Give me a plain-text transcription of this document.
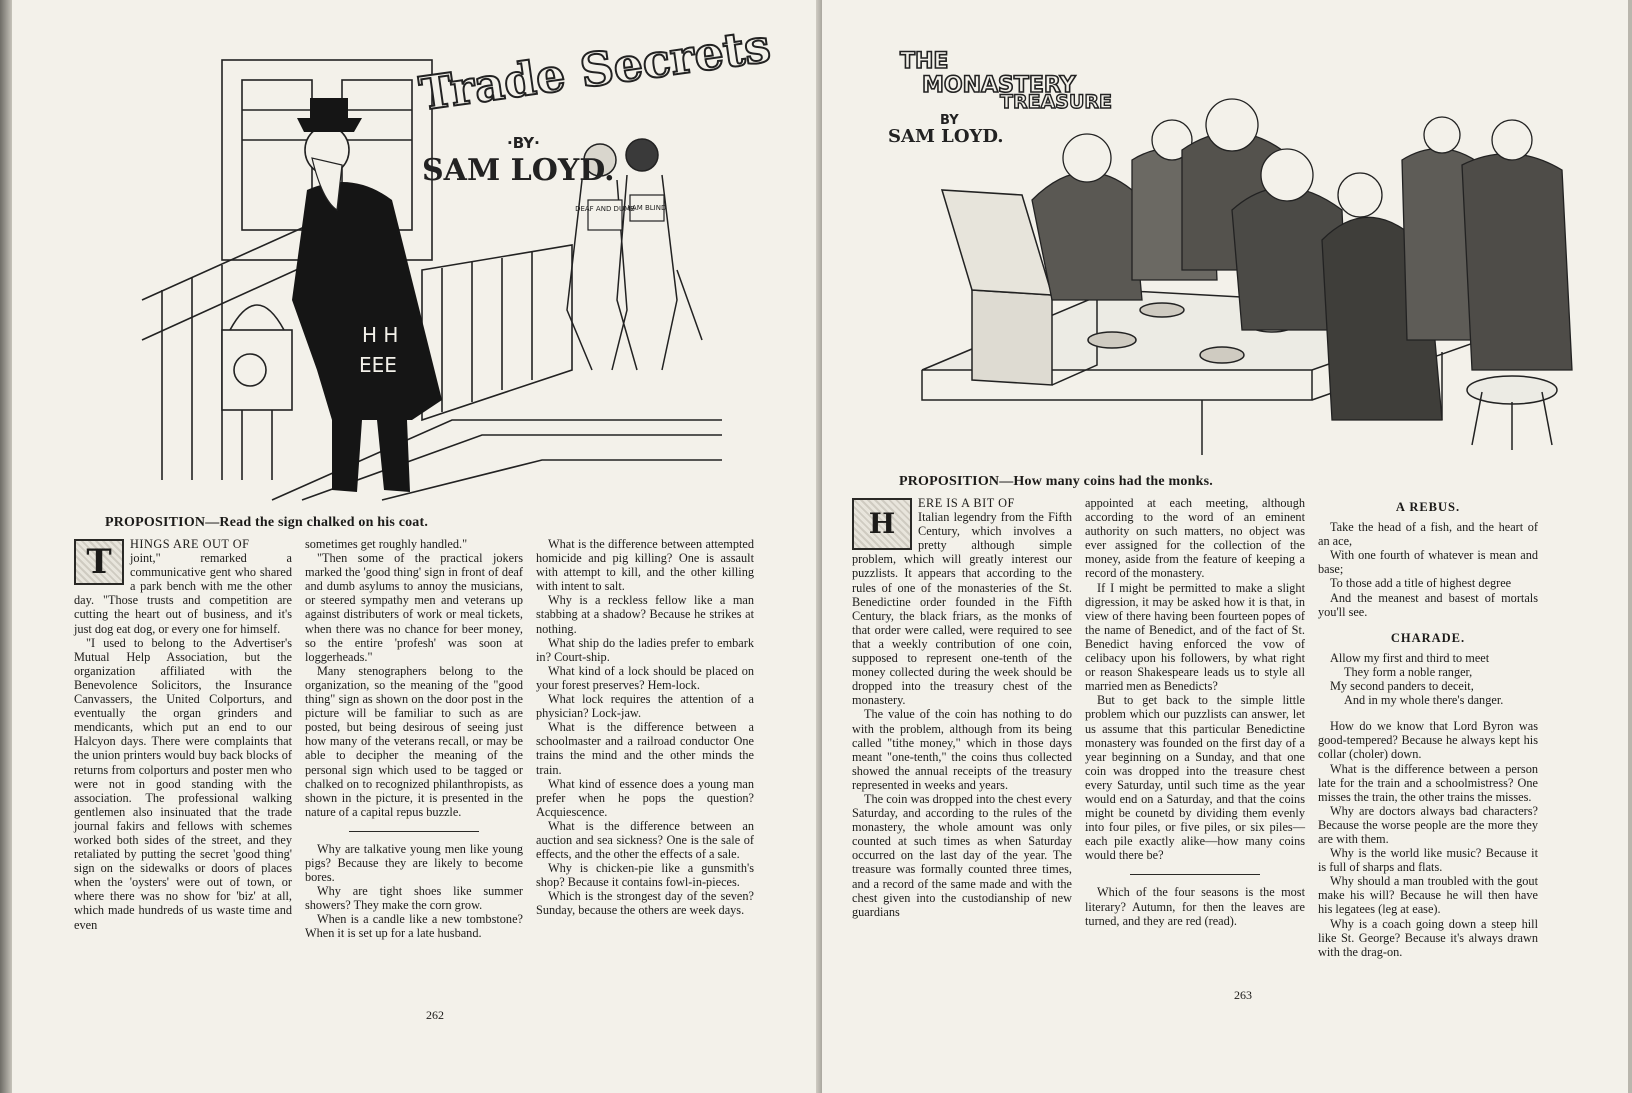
H H
EEE
DEAF AND DUMB
I AM BLIND
Trade Secrets
·BY·
SAM LOYD.
PROPOSITION—Read the sign chalked on his coat.
T	HINGS ARE OUT OF

joint," remarked a communicative gent who shared a park bench with me the other day. "Those trusts and competition are cutting the heart out of business, and it's just dog eat dog, or every one for himself.

"I used to belong to the Advertiser's Mutual Help Association, but the organization affiliated with the Benevolence Solicitors, the Insurance Canvassers, the United Colporturs, and eventually the organ grinders and mendicants, which put an end to our Halcyon days. There were complaints that the union printers would buy back blocks of returns from colporturs and poster men who were not in good standing with the association. The professional walking gentlemen also insinuated that the trade journal fakirs and fellows with schemes worked both sides of the street, and they retaliated by putting the secret 'good thing' sign on the sidewalks or doors of places when the 'oysters' were out of town, or where there was no show for 'biz' at all, which made hundreds of us waste time and even

sometimes get roughly handled."

"Then some of the practical jokers marked the 'good thing' sign in front of deaf and dumb asylums to annoy the musicians, or steered sympathy men and veterans up against distributers of work or meal tickets, when there was no chance for beer money, so the entire 'profesh' was soon at loggerheads."

Many stenographers belong to the organization, so the meaning of the "good thing" sign as shown on the door post in the picture will be familiar to such as are posted, but being desirous of seeing just how many of the veterans recall, or may be able to decipher the meaning of the personal sign which used to be tagged or chalked on to recognized philanthropists, as shown in the picture, it is presented in the nature of a capital repus buzzle.

Why are talkative young men like young pigs? Because they are likely to become bores.

Why are tight shoes like summer showers? They make the corn grow.

When is a candle like a new tombstone? When it is set up for a late husband.

What is the difference between attempted homicide and pig killing? One is assault with attempt to kill, and the other killing with intent to salt.

Why is a reckless fellow like a man stabbing at a shadow? Because he strikes at nothing.

What ship do the ladies prefer to embark in? Court-ship.

What kind of a lock should be placed on your forest preserves? Hem-lock.

What lock requires the attention of a physician? Lock-jaw.

What is the difference between a schoolmaster and a railroad conductor One trains the mind and the other minds the train.

What kind of essence does a young man prefer when he pops the question? Acquiescence.

What is the difference between an auction and sea sickness? One is the sale of effects, and the other the effects of a sale.

Why is chicken-pie like a gunsmith's shop? Because it contains fowl-in-pieces.

Which is the strongest day of the seven? Sunday, because the others are week days.

262
THE
MONASTERY
TREASURE
BY
SAM LOYD.
PROPOSITION—How many coins had the monks.
H

ERE IS A BIT OF

Italian legendry from the Fifth Century, which involves a pretty although simple problem, which will greatly interest our puzzlists. It appears that according to the rules of one of the monasteries of the St. Benedictine order founded in the Fifth Century, the black friars, as the monks of that order were called, were required to see that a weekly contribution of one coin, supposed to represent one-tenth of the money collected during the week should be dropped into the treasury chest of the monastery.

The value of the coin has nothing to do with the problem, although from its being called "tithe money," which in those days meant "one-tenth," the coins thus collected showed the annual receipts of the treasury represented in weeks and years.

The coin was dropped into the chest every Saturday, and according to the rules of the monastery, the whole amount was only counted at such times as when Saturday occurred on the last day of the year. The treasure was formally counted three times, and a record of the same made and with the chest given into the custodianship of new guardians

appointed at each meeting, although according to the word of an eminent authority on such matters, no object was ever assigned for the collection of the money, aside from the feature of keeping a record of the monastery.

If I might be permitted to make a slight digression, it may be asked how it is that, in view of there having been fourteen popes of the name of Benedict, and of the fact of St. Benedict having enforced the vow of celibacy upon his followers, by what right or reason Shakespeare leads us to style all married men as Benedicts?

But to get back to the simple little problem which our puzzlists can answer, let us assume that this particular Benedictine monastery was founded on the first day of a year beginning on a Sunday, and that one coin was dropped into the treasure chest every Saturday, until such time as the year would end on a Saturday, and that the coins might be counetd by dividing them evenly into four piles, or five piles, or six piles—each pile exactly alike—how many coins would there be?

Which of the four seasons is the most literary? Autumn, for then the leaves are turned, and they are red (read).

A REBUS.

Take the head of a fish, and the heart of an ace,

With one fourth of whatever is mean and base;

To those add a title of highest degree

And the meanest and basest of mortals you'll see.

CHARADE.

Allow my first and third to meet

They form a noble ranger,

My second panders to deceit,

And in my whole there's danger.

How do we know that Lord Byron was good-tempered? Because he always kept his collar (choler) down.

What is the difference between a person late for the train and a schoolmistress? One misses the train, the other trains the misses.

Why are doctors always bad characters? Because the worse people are the more they are with them.

Why is the world like music? Because it is full of sharps and flats.

Why should a man troubled with the gout make his will? Because he will then have his legatees (leg at ease).

Why is a coach going down a steep hill like St. George? Because it's always drawn with the drag-on.

263
